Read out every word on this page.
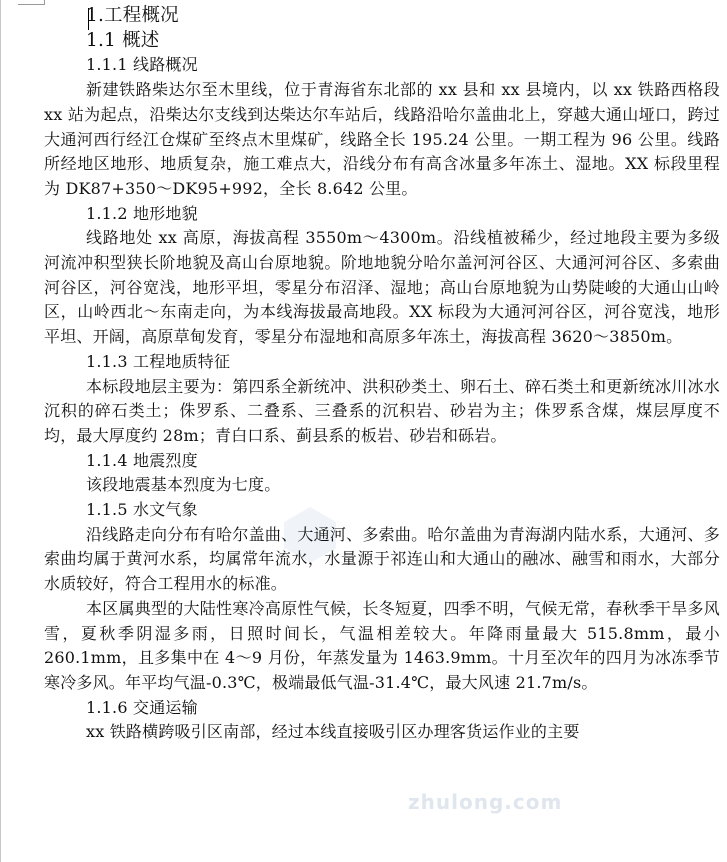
zhulong.com
1.工程概况
1.1 概述
1.1.1 线路概况
新建铁路柴达尔至木里线，位于青海省东北部的 xx 县和 xx 县境内，以 xx 铁路西格段 xx 站为起点，沿柴达尔支线到达柴达尔车站后，线路沿哈尔盖曲北上，穿越大通山垭口，跨过大通河西行经江仓煤矿至终点木里煤矿，线路全长 195.24 公里。一期工程为 96 公里。线路所经地区地形、地质复杂，施工难点大，沿线分布有高含冰量多年冻土、湿地。XX 标段里程为 DK87+350～DK95+992，全长 8.642 公里。
1.1.2 地形地貌
线路地处 xx 高原，海拔高程 3550m～4300m。沿线植被稀少，经过地段主要为多级河流冲积型狭长阶地貌及高山台原地貌。阶地地貌分哈尔盖河河谷区、大通河河谷区、多索曲河谷区，河谷宽浅，地形平坦，零星分布沼泽、湿地；高山台原地貌为山势陡峻的大通山山岭区，山岭西北～东南走向，为本线海拔最高地段。XX 标段为大通河河谷区，河谷宽浅，地形平坦、开阔，高原草甸发育，零星分布湿地和高原多年冻土，海拔高程 3620～3850m。
1.1.3 工程地质特征
本标段地层主要为：第四系全新统冲、洪积砂类土、卵石土、碎石类土和更新统冰川冰水沉积的碎石类土；侏罗系、二叠系、三叠系的沉积岩、砂岩为主；侏罗系含煤，煤层厚度不均，最大厚度约 28m；青白口系、蓟县系的板岩、砂岩和砾岩。
1.1.4 地震烈度
该段地震基本烈度为七度。
1.1.5 水文气象
沿线路走向分布有哈尔盖曲、大通河、多索曲。哈尔盖曲为青海湖内陆水系，大通河、多索曲均属于黄河水系，均属常年流水，水量源于祁连山和大通山的融冰、融雪和雨水，大部分水质较好，符合工程用水的标准。
本区属典型的大陆性寒冷高原性气候，长冬短夏，四季不明，气候无常，春秋季干旱多风雪，夏秋季阴湿多雨，日照时间长，气温相差较大。年降雨量最大 515.8mm，最小 260.1mm，且多集中在 4～9 月份，年蒸发量为 1463.9mm。十月至次年的四月为冰冻季节寒冷多风。年平均气温-0.3℃，极端最低气温-31.4℃，最大风速 21.7m/s。
1.1.6 交通运输
xx 铁路横跨吸引区南部，经过本线直接吸引区办理客货运作业的主要
